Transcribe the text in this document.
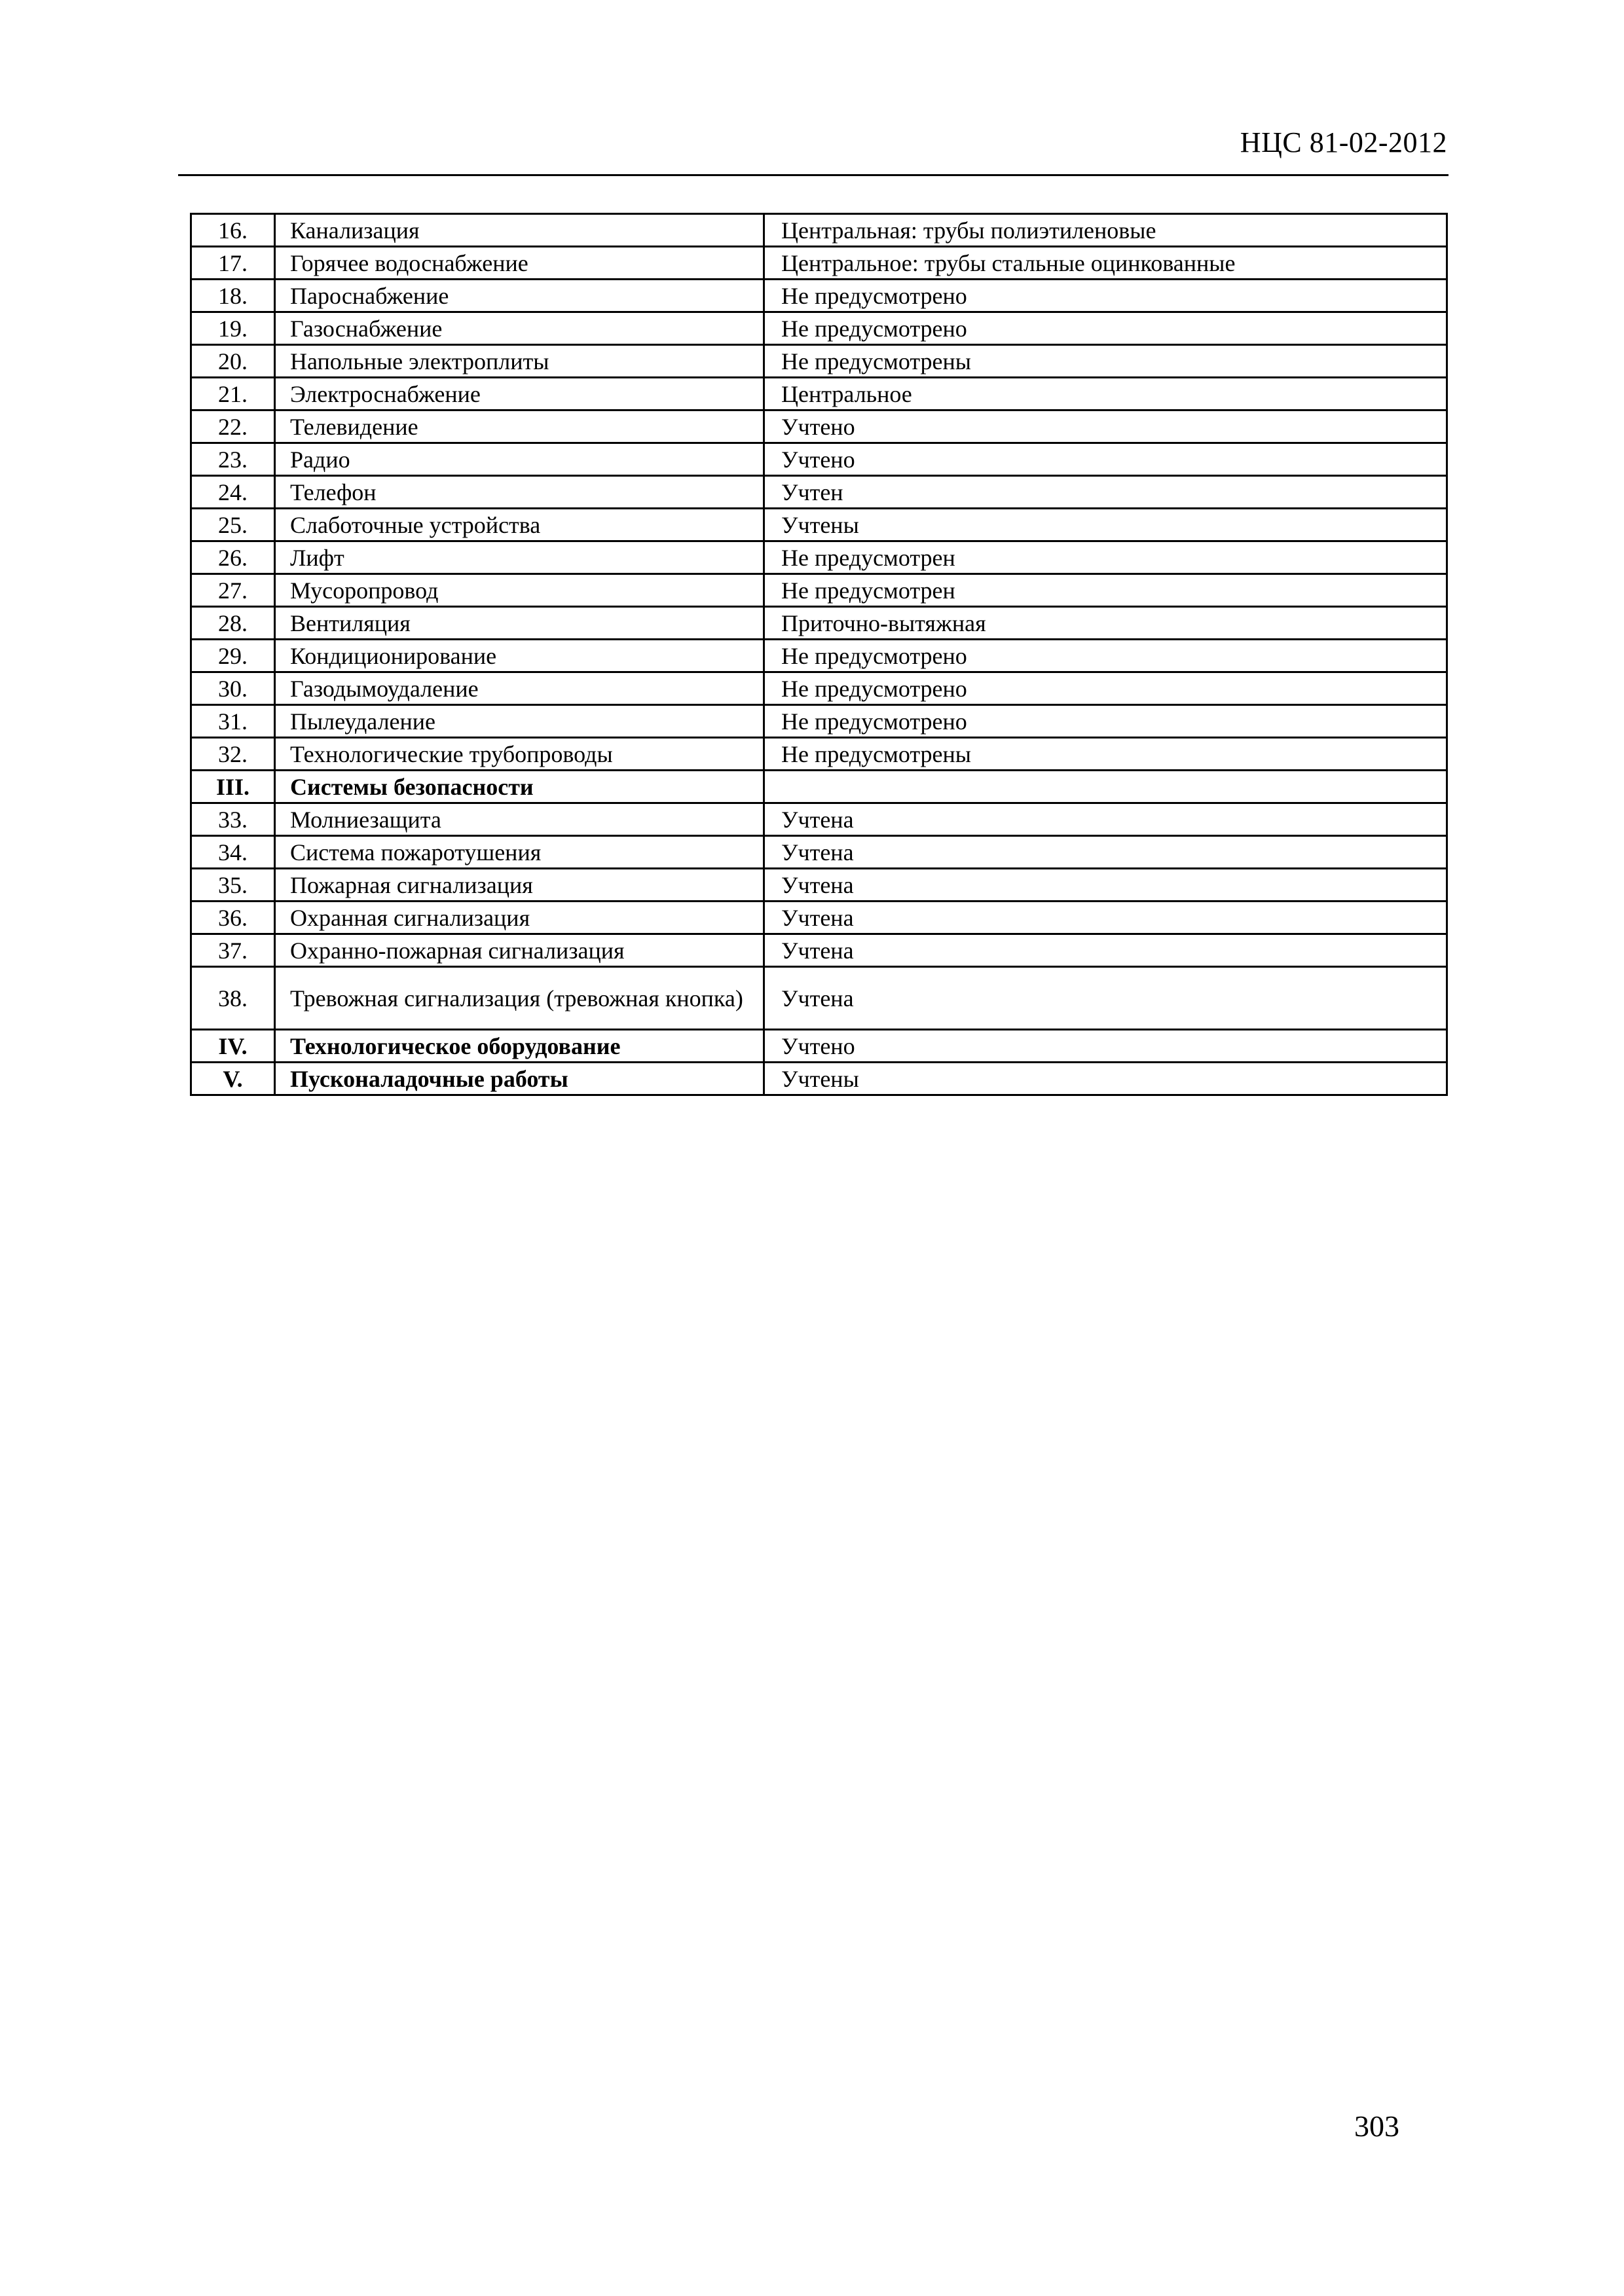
НЦС 81-02-2012
16.	Канализация	Центральная: трубы полиэтиленовые
17.	Горячее водоснабжение	Центральное: трубы стальные оцинкованные
18.	Пароснабжение	Не предусмотрено
19.	Газоснабжение	Не предусмотрено
20.	Напольные электроплиты	Не предусмотрены
21.	Электроснабжение	Центральное
22.	Телевидение	Учтено
23.	Радио	Учтено
24.	Телефон	Учтен
25.	Слаботочные устройства	Учтены
26.	Лифт	Не предусмотрен
27.	Мусоропровод	Не предусмотрен
28.	Вентиляция	Приточно-вытяжная
29.	Кондиционирование	Не предусмотрено
30.	Газодымоудаление	Не предусмотрено
31.	Пылеудаление	Не предусмотрено
32.	Технологические трубопроводы	Не предусмотрены
III.	Системы безопасности	
33.	Молниезащита	Учтена
34.	Система пожаротушения	Учтена
35.	Пожарная сигнализация	Учтена
36.	Охранная сигнализация	Учтена
37.	Охранно-пожарная сигнализация	Учтена
38.	Тревожная сигнализация (тревожная кнопка)	Учтена
IV.	Технологическое оборудование	Учтено
V.	Пусконаладочные работы	Учтены
303
